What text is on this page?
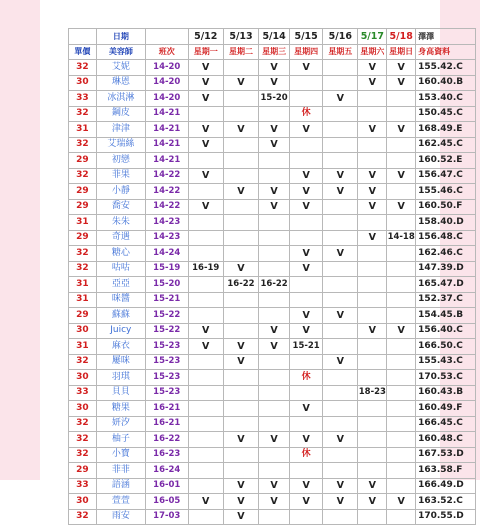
	日期		5/12	5/13	5/14	5/15	5/16	5/17	5/18	澤澤
單價	美容師	班次	星期一	星期二	星期三	星期四	星期五	星期六	星期日	身高資料
32	艾妮	14-20	V		V	V		V	V	155.42.C
30	琳恩	14-20	V	V	V			V	V	160.40.B
33	冰淇淋	14-20	V		15-20		V			153.40.C
32	鋼皮	14-21				休				150.45.C
31	津津	14-21	V	V	V	V		V	V	168.49.E
32	艾瑞絲	14-21	V		V					162.45.C
29	初戀	14-21								160.52.E
32	菲果	14-22	V			V	V	V	V	156.47.C
29	小靜	14-22		V	V	V	V	V		155.46.C
29	喬安	14-22	V		V	V		V	V	160.50.F
31	朱朱	14-23								158.40.D
29	奇遇	14-23						V	14-18	156.48.C
32	糖心	14-24				V	V			162.46.C
32	咕咕	15-19	16-19	V		V				147.39.D
31	亞亞	15-20		16-22	16-22					165.47.D
31	咪醬	15-21								152.37.C
29	蘇蘇	15-22				V	V			154.45.B
30	Juicy	15-22	V		V	V		V	V	156.40.C
31	麻衣	15-23	V	V	V	15-21				166.50.C
32	屢咪	15-23		V			V			155.43.C
30	羽琪	15-23				休				170.53.C
33	貝貝	15-23						18-23		160.43.B
30	糖果	16-21				V				160.49.F
32	妍汐	16-21								166.45.C
32	柚子	16-22		V	V	V	V			160.48.C
32	小寶	16-23				休				167.53.D
29	菲菲	16-24								163.58.F
33	語涵	16-01		V	V	V	V	V		166.49.D
30	萱萱	16-05	V	V	V	V	V	V	V	163.52.C
32	雨安	17-03		V						170.55.D
